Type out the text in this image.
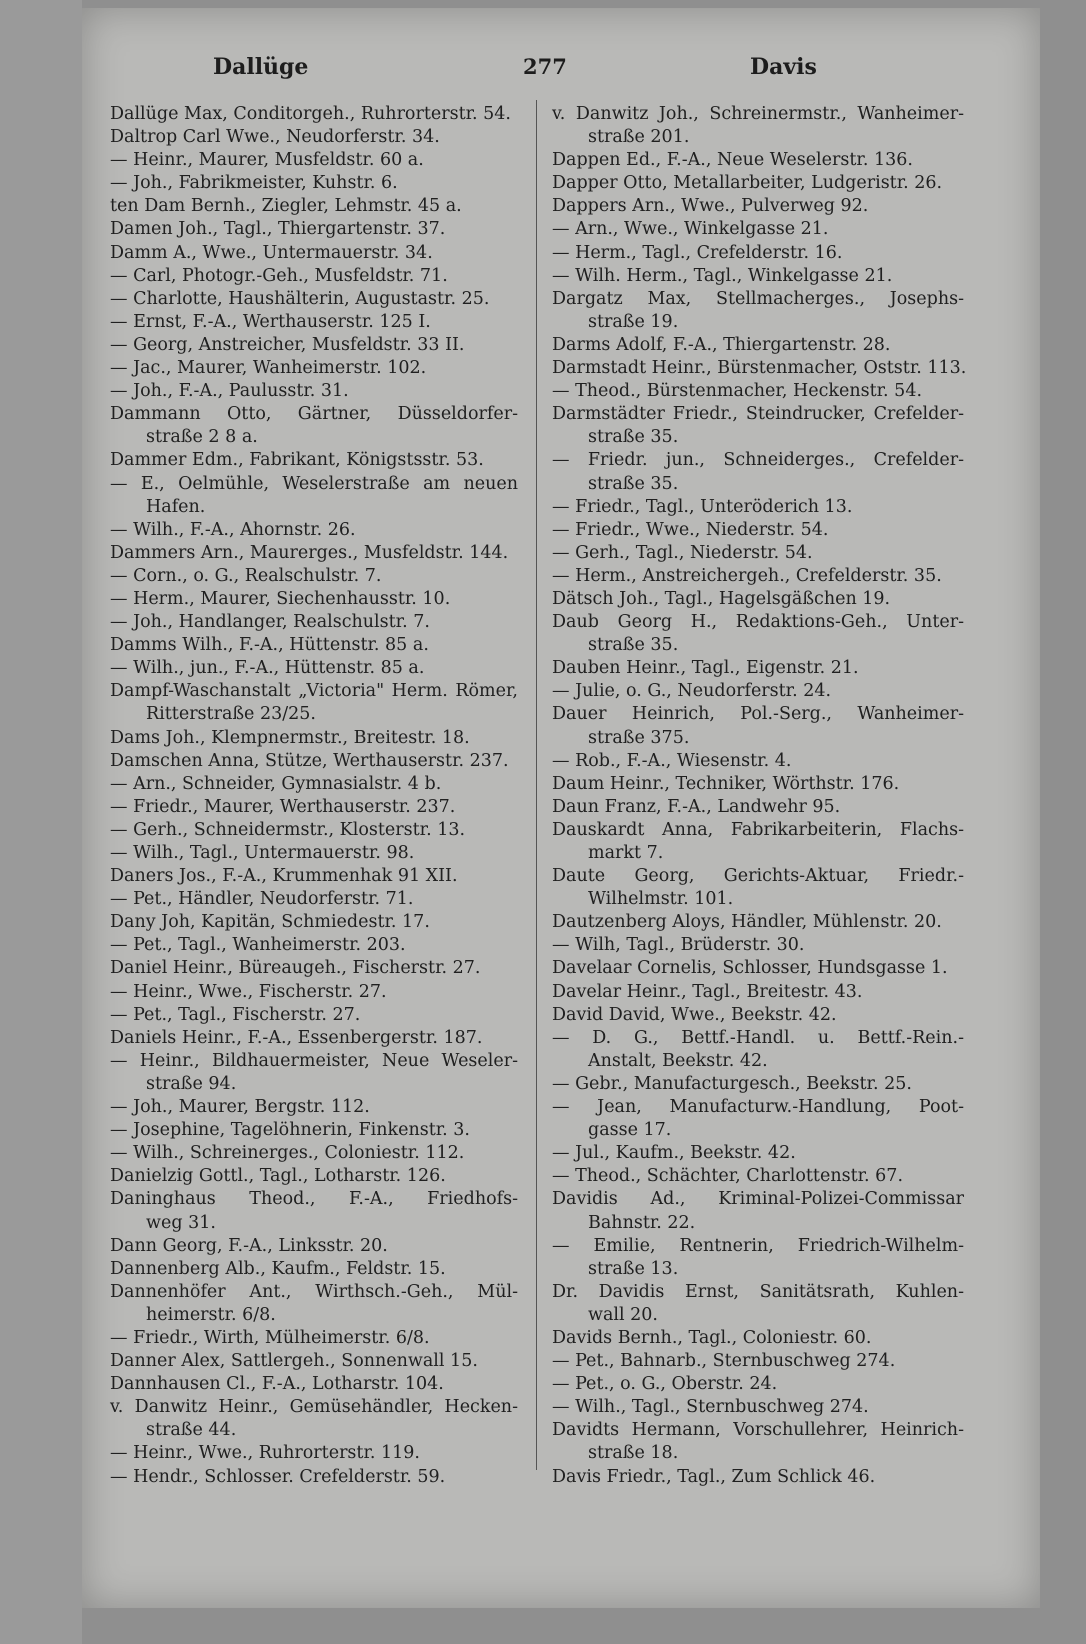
Dallüge	277	Davis
Dallüge Max, Conditorgeh., Ruhrorterstr. 54.
Daltrop Carl Wwe., Neudorferstr. 34.
— Heinr., Maurer, Musfeldstr. 60 a.
— Joh., Fabrikmeister, Kuhstr. 6.
ten Dam Bernh., Ziegler, Lehmstr. 45 a.
Damen Joh., Tagl., Thiergartenstr. 37.
Damm A., Wwe., Untermauerstr. 34.
— Carl, Photogr.-Geh., Musfeldstr. 71.
— Charlotte, Haushälterin, Augustastr. 25.
— Ernst, F.-A., Werthauserstr. 125 I.
— Georg, Anstreicher, Musfeldstr. 33 II.
— Jac., Maurer, Wanheimerstr. 102.
— Joh., F.-A., Paulusstr. 31.
Dammann Otto, Gärtner, Düsseldorfer-
straße 2 8 a.
Dammer Edm., Fabrikant, Königstsstr. 53.
— E., Oelmühle, Weselerstraße am neuen
Hafen.
— Wilh., F.-A., Ahornstr. 26.
Dammers Arn., Maurerges., Musfeldstr. 144.
— Corn., o. G., Realschulstr. 7.
— Herm., Maurer, Siechenhausstr. 10.
— Joh., Handlanger, Realschulstr. 7.
Damms Wilh., F.-A., Hüttenstr. 85 a.
— Wilh., jun., F.-A., Hüttenstr. 85 a.
Dampf-Waschanstalt „Victoria" Herm. Römer,
Ritterstraße 23/25.
Dams Joh., Klempnermstr., Breitestr. 18.
Damschen Anna, Stütze, Werthauserstr. 237.
— Arn., Schneider, Gymnasialstr. 4 b.
— Friedr., Maurer, Werthauserstr. 237.
— Gerh., Schneidermstr., Klosterstr. 13.
— Wilh., Tagl., Untermauerstr. 98.
Daners Jos., F.-A., Krummenhak 91 XII.
— Pet., Händler, Neudorferstr. 71.
Dany Joh, Kapitän, Schmiedestr. 17.
— Pet., Tagl., Wanheimerstr. 203.
Daniel Heinr., Büreaugeh., Fischerstr. 27.
— Heinr., Wwe., Fischerstr. 27.
— Pet., Tagl., Fischerstr. 27.
Daniels Heinr., F.-A., Essenbergerstr. 187.
— Heinr., Bildhauermeister, Neue Weseler-
straße 94.
— Joh., Maurer, Bergstr. 112.
— Josephine, Tagelöhnerin, Finkenstr. 3.
— Wilh., Schreinerges., Coloniestr. 112.
Danielzig Gottl., Tagl., Lotharstr. 126.
Daninghaus Theod., F.-A., Friedhofs-
weg 31.
Dann Georg, F.-A., Linksstr. 20.
Dannenberg Alb., Kaufm., Feldstr. 15.
Dannenhöfer Ant., Wirthsch.-Geh., Mül-
heimerstr. 6/8.
— Friedr., Wirth, Mülheimerstr. 6/8.
Danner Alex, Sattlergeh., Sonnenwall 15.
Dannhausen Cl., F.-A., Lotharstr. 104.
v. Danwitz Heinr., Gemüsehändler, Hecken-
straße 44.
— Heinr., Wwe., Ruhrorterstr. 119.
— Hendr., Schlosser. Crefelderstr. 59.
v. Danwitz Joh., Schreinermstr., Wanheimer-
straße 201.
Dappen Ed., F.-A., Neue Weselerstr. 136.
Dapper Otto, Metallarbeiter, Ludgeristr. 26.
Dappers Arn., Wwe., Pulverweg 92.
— Arn., Wwe., Winkelgasse 21.
— Herm., Tagl., Crefelderstr. 16.
— Wilh. Herm., Tagl., Winkelgasse 21.
Dargatz Max, Stellmacherges., Josephs-
straße 19.
Darms Adolf, F.-A., Thiergartenstr. 28.
Darmstadt Heinr., Bürstenmacher, Oststr. 113.
— Theod., Bürstenmacher, Heckenstr. 54.
Darmstädter Friedr., Steindrucker, Crefelder-
straße 35.
— Friedr. jun., Schneiderges., Crefelder-
straße 35.
— Friedr., Tagl., Unteröderich 13.
— Friedr., Wwe., Niederstr. 54.
— Gerh., Tagl., Niederstr. 54.
— Herm., Anstreichergeh., Crefelderstr. 35.
Dätsch Joh., Tagl., Hagelsgäßchen 19.
Daub Georg H., Redaktions-Geh., Unter-
straße 35.
Dauben Heinr., Tagl., Eigenstr. 21.
— Julie, o. G., Neudorferstr. 24.
Dauer Heinrich, Pol.-Serg., Wanheimer-
straße 375.
— Rob., F.-A., Wiesenstr. 4.
Daum Heinr., Techniker, Wörthstr. 176.
Daun Franz, F.-A., Landwehr 95.
Dauskardt Anna, Fabrikarbeiterin, Flachs-
markt 7.
Daute Georg, Gerichts-Aktuar, Friedr.-
Wilhelmstr. 101.
Dautzenberg Aloys, Händler, Mühlenstr. 20.
— Wilh, Tagl., Brüderstr. 30.
Davelaar Cornelis, Schlosser, Hundsgasse 1.
Davelar Heinr., Tagl., Breitestr. 43.
David David, Wwe., Beekstr. 42.
— D. G., Bettf.-Handl. u. Bettf.-Rein.-
Anstalt, Beekstr. 42.
— Gebr., Manufacturgesch., Beekstr. 25.
— Jean, Manufacturw.-Handlung, Poot-
gasse 17.
— Jul., Kaufm., Beekstr. 42.
— Theod., Schächter, Charlottenstr. 67.
Davidis Ad., Kriminal-Polizei-Commissar
Bahnstr. 22.
— Emilie, Rentnerin, Friedrich-Wilhelm-
straße 13.
Dr. Davidis Ernst, Sanitätsrath, Kuhlen-
wall 20.
Davids Bernh., Tagl., Coloniestr. 60.
— Pet., Bahnarb., Sternbuschweg 274.
— Pet., o. G., Oberstr. 24.
— Wilh., Tagl., Sternbuschweg 274.
Davidts Hermann, Vorschullehrer, Heinrich-
straße 18.
Davis Friedr., Tagl., Zum Schlick 46.
